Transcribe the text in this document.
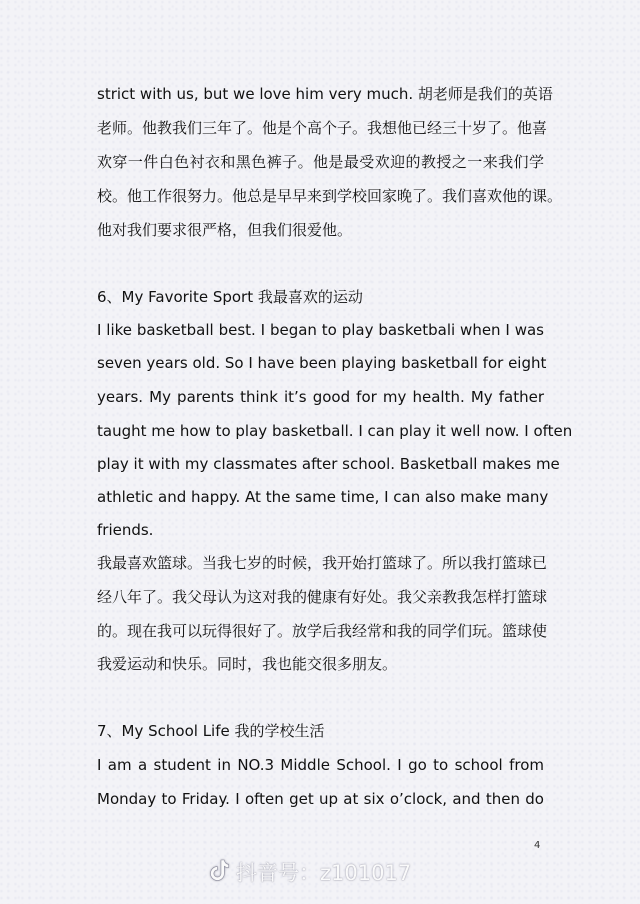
strict with us, but we love him very much. 胡老师是我们的英语

老师。他教我们三年了。他是个高个子。我想他已经三十岁了。他喜

欢穿一件白色衬衣和黑色裤子。他是最受欢迎的教授之一来我们学

校。他工作很努力。他总是早早来到学校回家晚了。我们喜欢他的课。

他对我们要求很严格，但我们很爱他。

6、My Favorite Sport 我最喜欢的运动

I like basketball best. I began to play basketbali when I was

seven years old. So I have been playing basketball for eight

years. My parents think it’s good for my health. My father

taught me how to play basketball. I can play it well now. I often

play it with my classmates after school. Basketball makes me

athletic and happy. At the same time, I can also make many

friends.

我最喜欢篮球。当我七岁的时候，我开始打篮球了。所以我打篮球已

经八年了。我父母认为这对我的健康有好处。我父亲教我怎样打篮球

的。现在我可以玩得很好了。放学后我经常和我的同学们玩。篮球使

我爱运动和快乐。同时，我也能交很多朋友。

7、My School Life 我的学校生活

I am a student in NO.3 Middle School. I go to school from

Monday to Friday. I often get up at six o’clock, and then do

4
抖音号：z101017
